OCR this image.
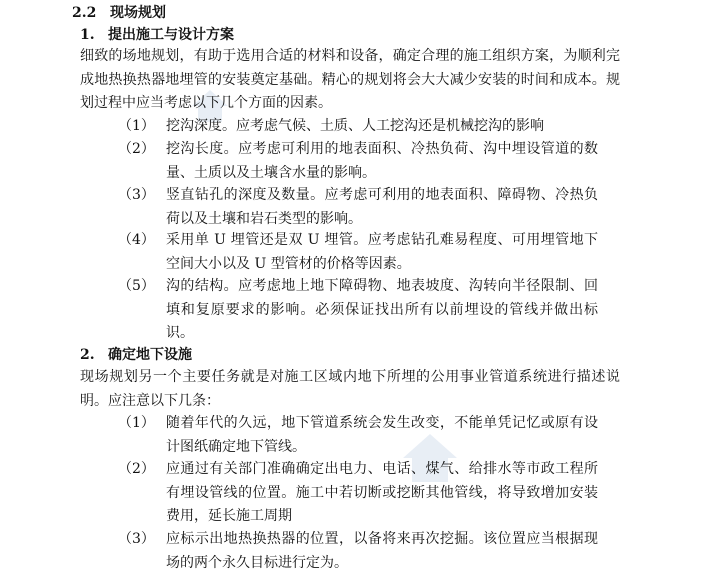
2.2 现场规划
1. 提出施工与设计方案
细致的场地规划，有助于选用合适的材料和设备，确定合理的施工组织方案，为顺利完成地热换热器地埋管的安装奠定基础。精心的规划将会大大减少安装的时间和成本。规划过程中应当考虑以下几个方面的因素。
（1） 挖沟深度。应考虑气候、土质、人工挖沟还是机械挖沟的影响
（2） 挖沟长度。应考虑可利用的地表面积、冷热负荷、沟中埋设管道的数量、土质以及土壤含水量的影响。
（3） 竖直钻孔的深度及数量。应考虑可利用的地表面积、障碍物、冷热负荷以及土壤和岩石类型的影响。
（4） 采用单 U 埋管还是双 U 埋管。应考虑钻孔难易程度、可用埋管地下空间大小以及 U 型管材的价格等因素。
（5） 沟的结构。应考虑地上地下障碍物、地表坡度、沟转向半径限制、回填和复原要求的影响。必须保证找出所有以前埋设的管线并做出标识。
2. 确定地下设施
现场规划另一个主要任务就是对施工区域内地下所埋的公用事业管道系统进行描述说明。应注意以下几条：
（1） 随着年代的久远，地下管道系统会发生改变，不能单凭记忆或原有设计图纸确定地下管线。
（2） 应通过有关部门准确确定出电力、电话、煤气、给排水等市政工程所有埋设管线的位置。施工中若切断或挖断其他管线，将导致增加安装费用，延长施工周期
（3） 应标示出地热换热器的位置，以备将来再次挖掘。该位置应当根据现场的两个永久目标进行定为。
